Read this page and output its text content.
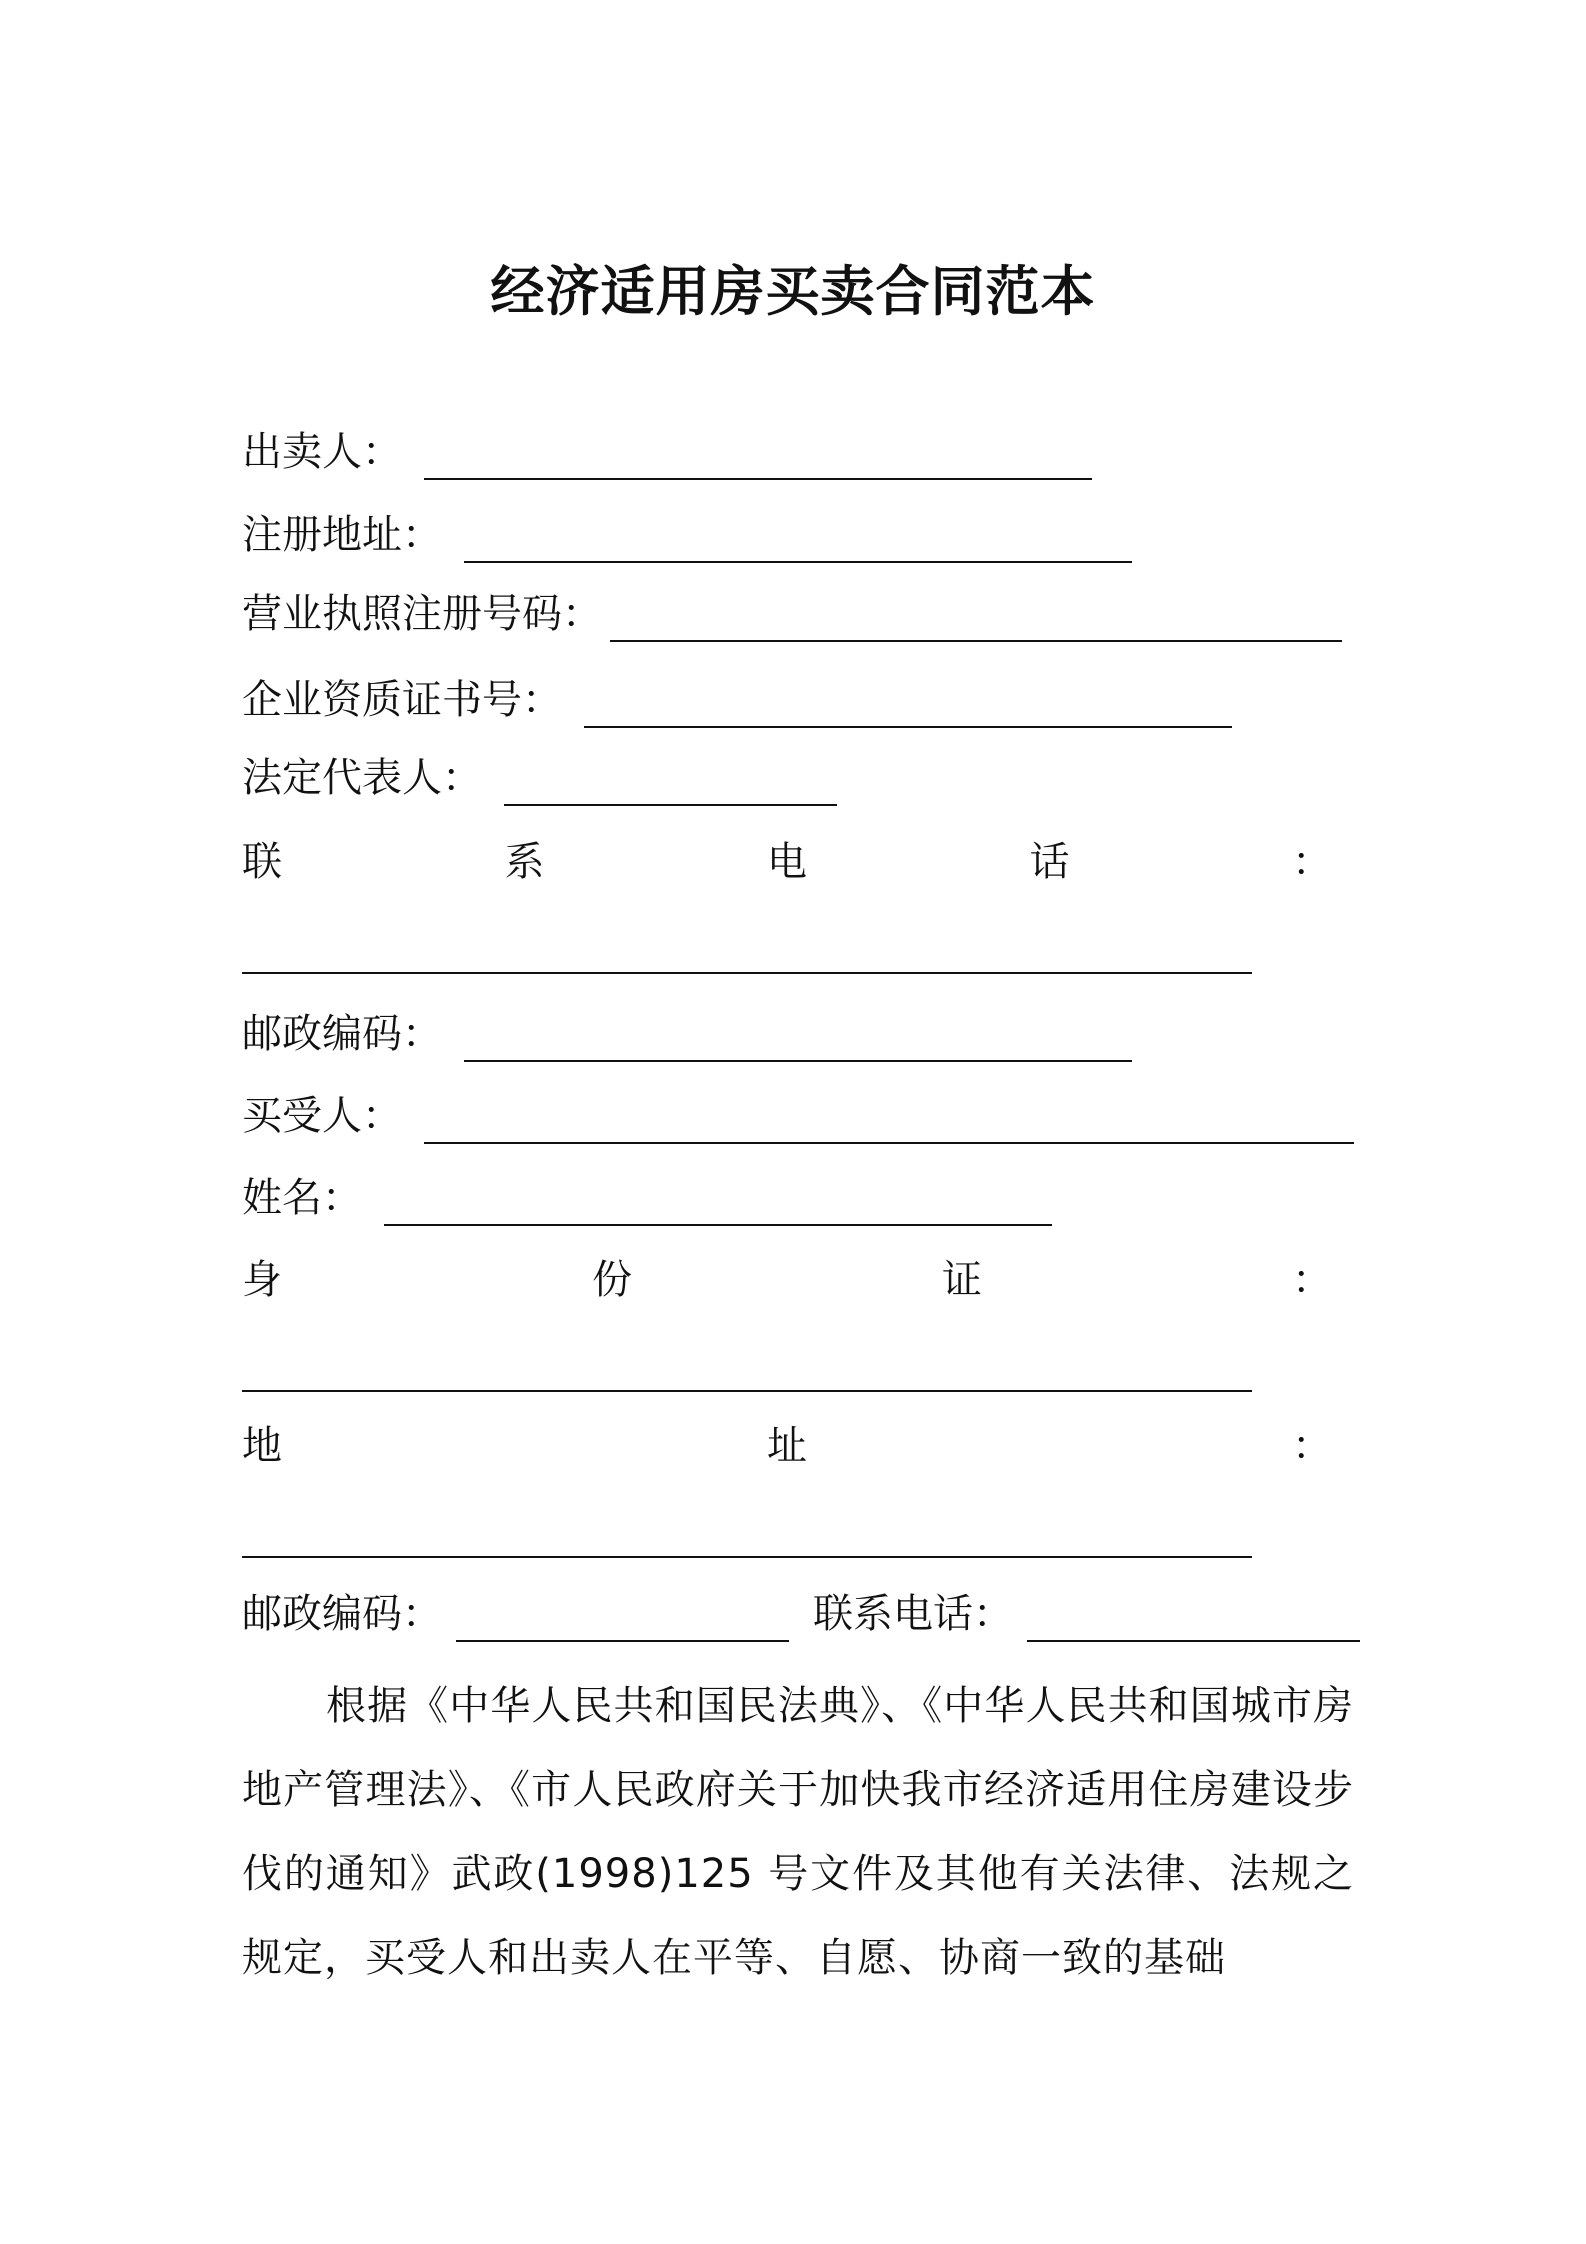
经济适用房买卖合同范本
出卖人：
注册地址：
营业执照注册号码：
企业资质证书号：
法定代表人：
联	系	电	话	：
邮政编码：
买受人：
姓名：
身	份	证	：
地	址	：
邮政编码：	联系电话：
根据《中华人民共和国民法典》、《中华人民共和国城市房地产管理法》、《市人民政府关于加快我市经济适用住房建设步伐的通知》武政(1998)125 号文件及其他有关法律、法规之规定，买受人和出卖人在平等、自愿、协商一致的基础
